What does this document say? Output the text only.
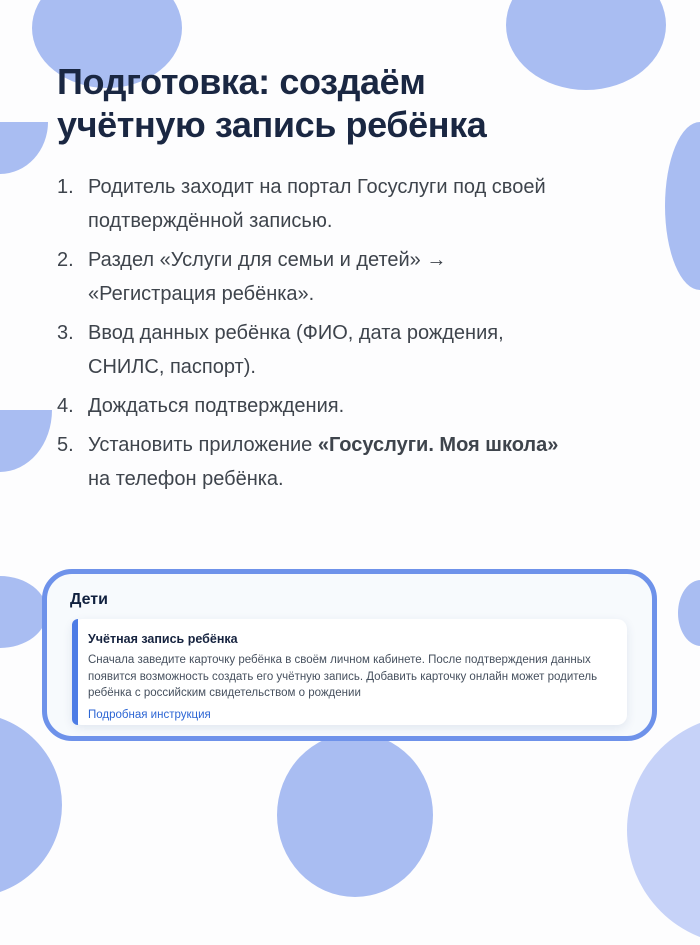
Подготовка: создаём
учётную запись ребёнка
1. Родитель заходит на портал Госуслуги под своей
подтверждённой записью.
2. Раздел «Услуги для семьи и детей» →
«Регистрация ребёнка».
3. Ввод данных ребёнка (ФИО, дата рождения,
СНИЛС, паспорт).
4. Дождаться подтверждения.
5. Установить приложение «Госуслуги. Моя школа»
на телефон ребёнка.
Дети
Учётная запись ребёнка
Сначала заведите карточку ребёнка в своём личном кабинете. После подтверждения данных появится возможность создать его учётную запись. Добавить карточку онлайн может родитель ребёнка с российским свидетельством о рождении
Подробная инструкция
